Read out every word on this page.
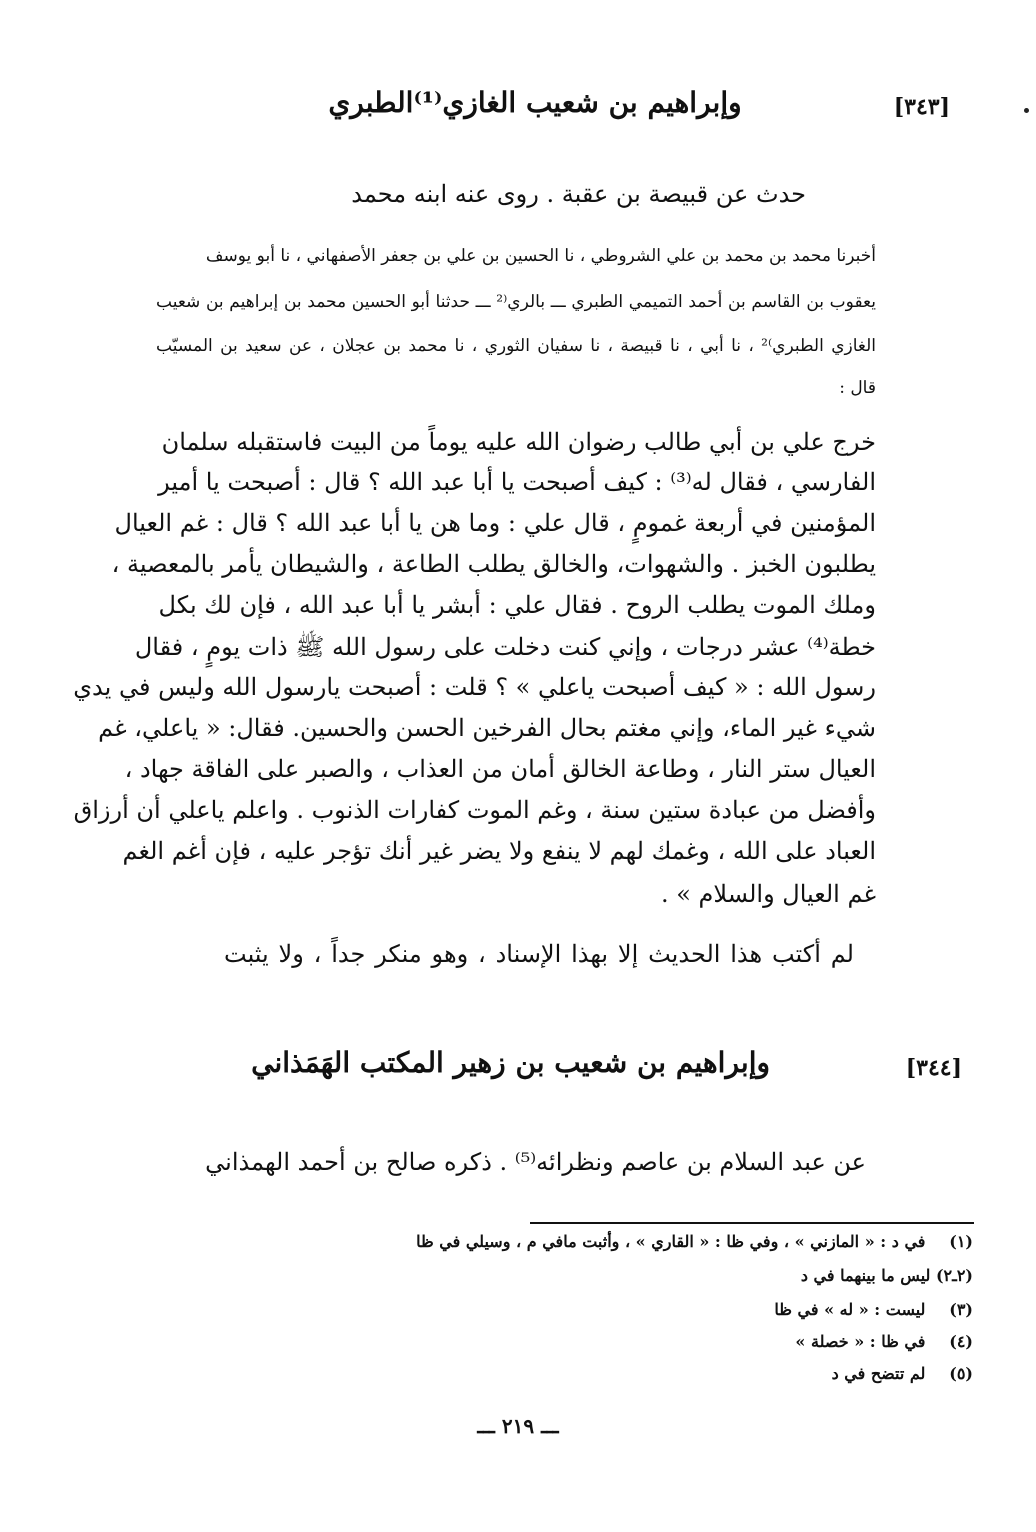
[٣٤٣]
وإبراهيم بن شعيب الغازي⁽¹⁾الطبري
حدث عن قبيصة بن عقبة . روى عنه ابنه محمد
أخبرنا محمد بن محمد بن علي الشروطي ، نا الحسين بن علي بن جعفر الأصفهاني ، نا أبو يوسف
يعقوب بن القاسم بن أحمد التميمي الطبري ـــ بالري⁽² ـــ حدثنا أبو الحسين محمد بن إبراهيم بن شعيب
الغازي الطبري⁾² ، نا أبي ، نا قبيصة ، نا سفيان الثوري ، نا محمد بن عجلان ، عن سعيد بن المسيّب
قال :
خرج علي بن أبي طالب رضوان الله عليه يوماً من البيت فاستقبله سلمان
الفارسي ، فقال له⁽³⁾ : كيف أصبحت يا أبا عبد الله ؟ قال : أصبحت يا أمير
المؤمنين في أربعة غمومٍ ، قال علي : وما هن يا أبا عبد الله ؟ قال : غم العيال
يطلبون الخبز . والشهوات، والخالق يطلب الطاعة ، والشيطان يأمر بالمعصية ،
وملك الموت يطلب الروح . فقال علي : أبشر يا أبا عبد الله ، فإن لك بكل
خطة⁽⁴⁾ عشر درجات ، وإني كنت دخلت على رسول الله ﷺ ذات يومٍ ، فقال
رسول الله : « كيف أصبحت ياعلي » ؟ قلت : أصبحت يارسول الله وليس في يدي
شيء غير الماء، وإني مغتم بحال الفرخين الحسن والحسين. فقال: « ياعلي، غم
العيال ستر النار ، وطاعة الخالق أمان من العذاب ، والصبر على الفاقة جهاد ،
وأفضل من عبادة ستين سنة ، وغم الموت كفارات الذنوب . واعلم ياعلي أن أرزاق
العباد على الله ، وغمك لهم لا ينفع ولا يضر غير أنك تؤجر عليه ، فإن أغم الغم
غم العيال والسلام » .
لم أكتب هذا الحديث إلا بهذا الإسناد ، وهو منكر جداً ، ولا يثبت
[٣٤٤]
وإبراهيم بن شعيب بن زهير المكتب الهَمَذاني
عن عبد السلام بن عاصم ونظرائه⁽⁵⁾ . ذكره صالح بن أحمد الهمذاني
(١) في د : « المازني » ، وفي ظا : « القاري » ، وأثبت مافي م ، وسيلي في ظا
(٢ـ٢) ليس ما بينهما في د
(٣) ليست : « له » في ظا
(٤) في ظا : « خصلة »
(٥) لم تتضح في د
ـــ ٢١٩ ـــ
